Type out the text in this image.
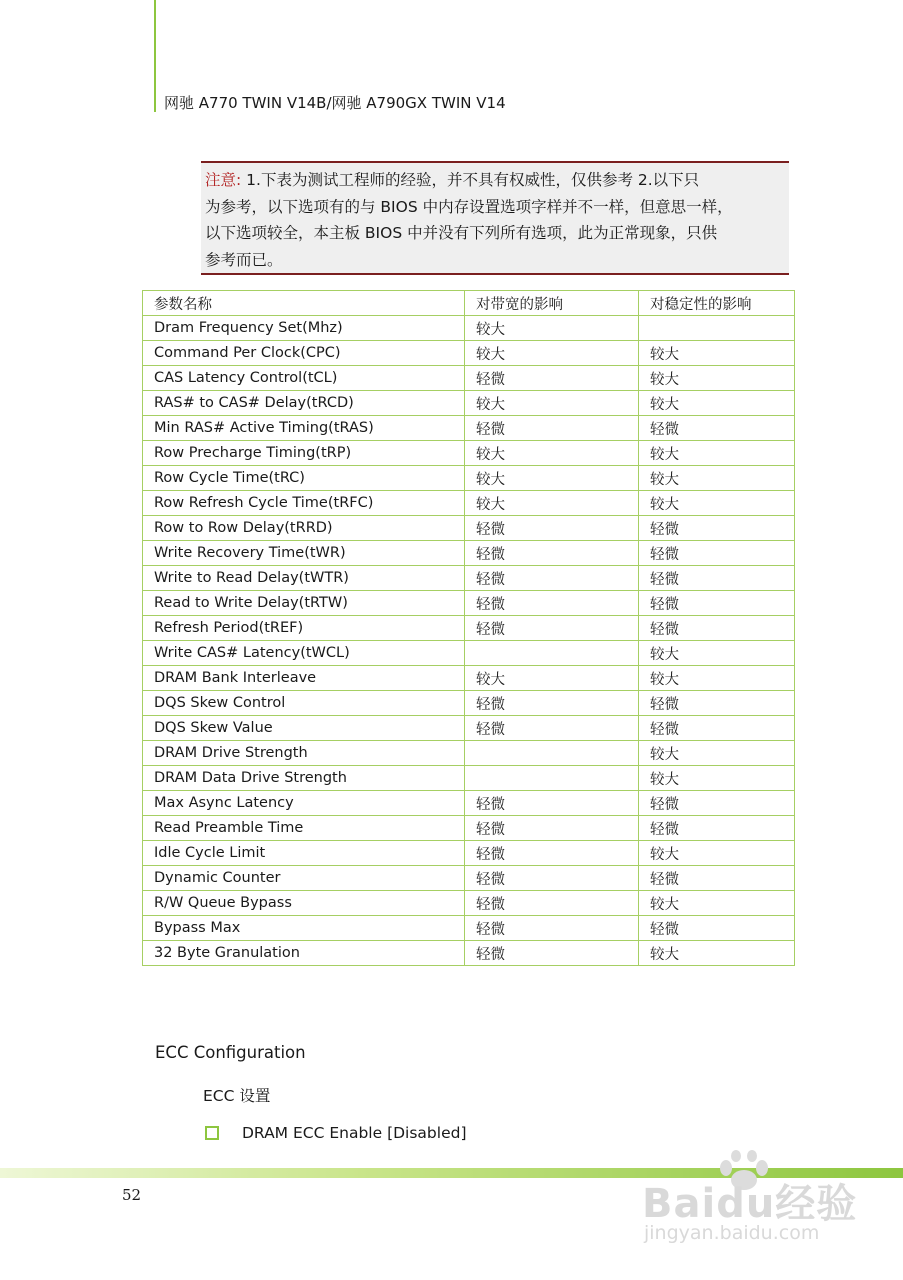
网驰 A770 TWIN V14B/网驰 A790GX TWIN V14
注意: 1.下表为测试工程师的经验，并不具有权威性，仅供参考 2.以下只
为参考，以下选项有的与 BIOS 中内存设置选项字样并不一样，但意思一样，
以下选项较全，本主板 BIOS 中并没有下列所有选项，此为正常现象，只供
参考而已。
参数名称	对带宽的影响	对稳定性的影响
Dram Frequency Set(Mhz)	较大	
Command Per Clock(CPC)	较大	较大
CAS Latency Control(tCL)	轻微	较大
RAS# to CAS# Delay(tRCD)	较大	较大
Min RAS# Active Timing(tRAS)	轻微	轻微
Row Precharge Timing(tRP)	较大	较大
Row Cycle Time(tRC)	较大	较大
Row Refresh Cycle Time(tRFC)	较大	较大
Row to Row Delay(tRRD)	轻微	轻微
Write Recovery Time(tWR)	轻微	轻微
Write to Read Delay(tWTR)	轻微	轻微
Read to Write Delay(tRTW)	轻微	轻微
Refresh Period(tREF)	轻微	轻微
Write CAS# Latency(tWCL)		较大
DRAM Bank Interleave	较大	较大
DQS Skew Control	轻微	轻微
DQS Skew Value	轻微	轻微
DRAM Drive Strength		较大
DRAM Data Drive Strength		较大
Max Async Latency	轻微	轻微
Read Preamble Time	轻微	轻微
Idle Cycle Limit	轻微	较大
Dynamic Counter	轻微	轻微
R/W Queue Bypass	轻微	较大
Bypass Max	轻微	轻微
32 Byte Granulation	轻微	较大
ECC Configuration
ECC 设置
DRAM ECC Enable [Disabled]
52	Baidu经验
jingyan.baidu.com
